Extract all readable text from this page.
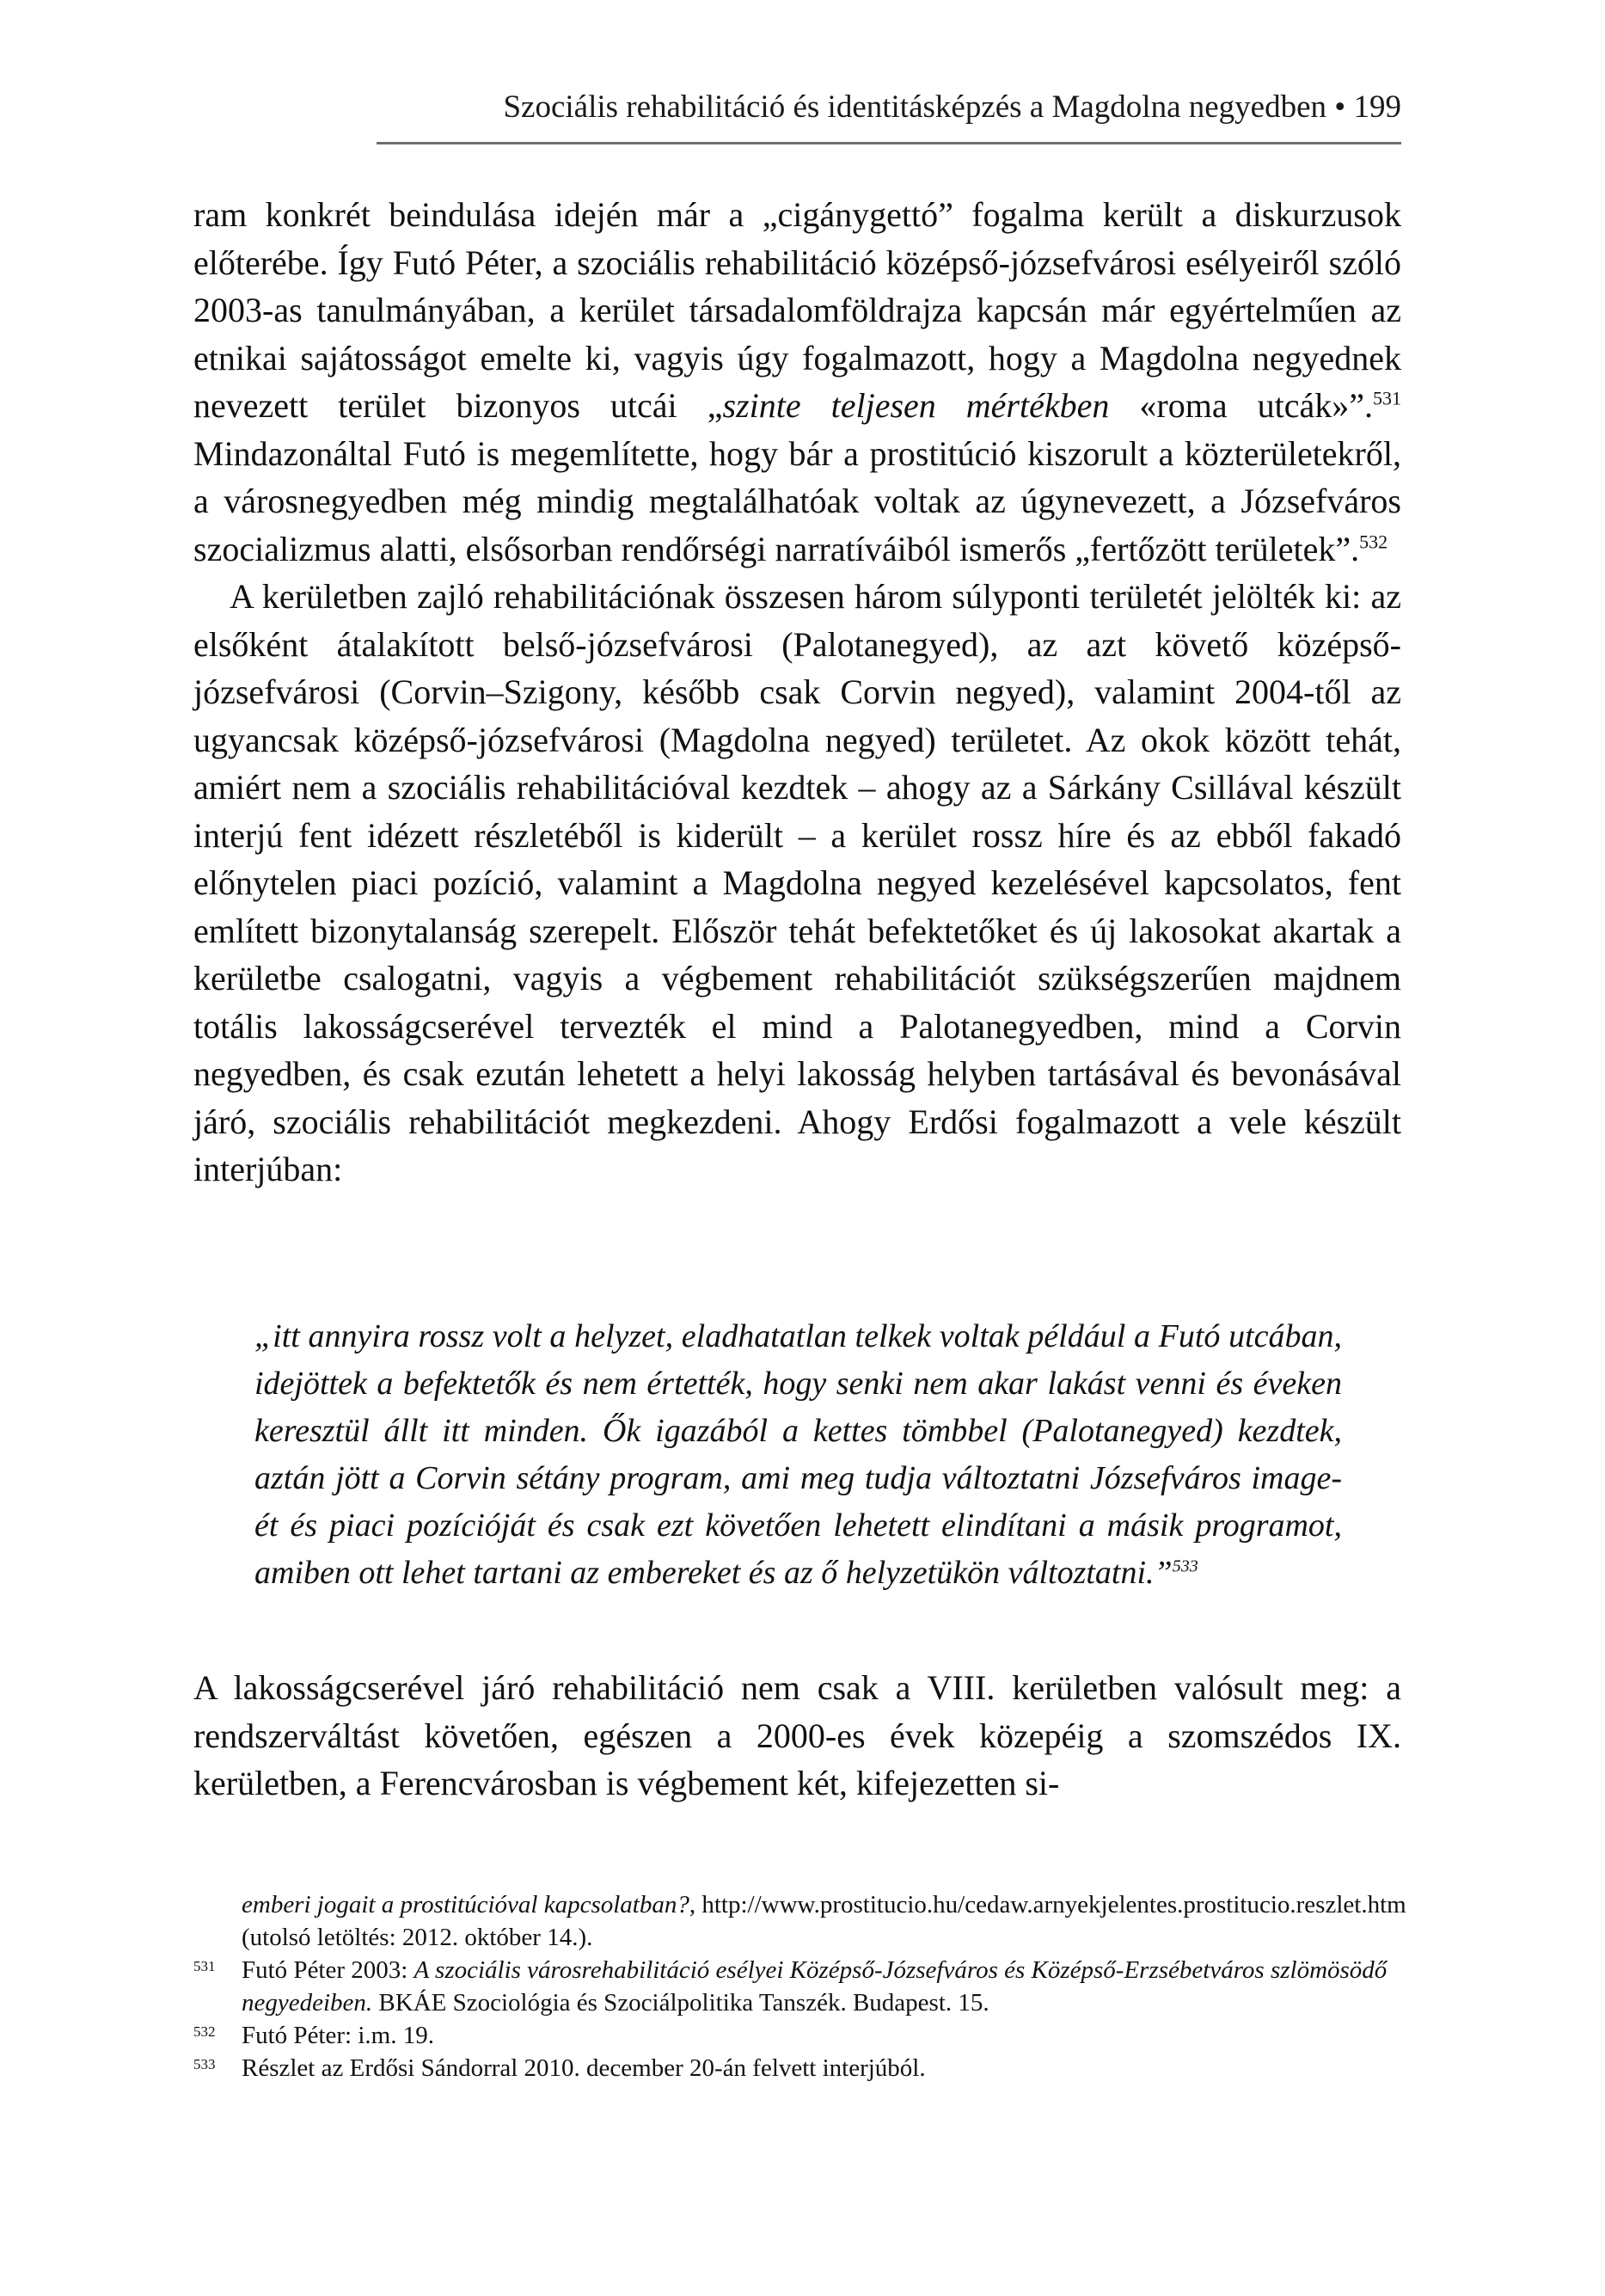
Szociális rehabilitáció és identitásképzés a Magdolna negyedben • 199

ram konkrét beindulása idején már a „cigánygettó” fogalma került a diskurzusok előterébe. Így Futó Péter, a szociális rehabilitáció középső-józsefvárosi esélyeiről szóló 2003-as tanulmányában, a kerület társadalomföldrajza kapcsán már egyértelműen az etnikai sajátosságot emelte ki, vagyis úgy fogalmazott, hogy a Magdolna negyednek nevezett terület bizonyos utcái „szinte teljesen mértékben «roma utcák»”.$^{531}$ Mindazonáltal Futó is megemlítette, hogy bár a prostitúció kiszorult a közterületekről, a városnegyedben még mindig megtalálhatóak voltak az úgynevezett, a Józsefváros szocializmus alatti, elsősorban rendőrségi narratíváiból ismerős „fertőzött területek”.$^{532}$

A kerületben zajló rehabilitációnak összesen három súlyponti területét jelölték ki: az elsőként átalakított belső-józsefvárosi (Palotanegyed), az azt követő középső-józsefvárosi (Corvin–Szigony, később csak Corvin negyed), valamint 2004-től az ugyancsak középső-józsefvárosi (Magdolna negyed) területet. Az okok között tehát, amiért nem a szociális rehabilitációval kezdtek – ahogy az a Sárkány Csillával készült interjú fent idézett részletéből is kiderült – a kerület rossz híre és az ebből fakadó előnytelen piaci pozíció, valamint a Magdolna negyed kezelésével kapcsolatos, fent említett bizonytalanság szerepelt. Először tehát befektetőket és új lakosokat akartak a kerületbe csalogatni, vagyis a végbement rehabilitációt szükségszerűen majdnem totális lakosságcserével tervezték el mind a Palotanegyedben, mind a Corvin negyedben, és csak ezután lehetett a helyi lakosság helyben tartásával és bevonásával járó, szociális rehabilitációt megkezdeni. Ahogy Erdősi fogalmazott a vele készült interjúban:

„itt annyira rossz volt a helyzet, eladhatatlan telkek voltak például a Futó utcában, idejöttek a befektetők és nem értették, hogy senki nem akar lakást venni és éveken keresztül állt itt minden. Ők igazából a kettes tömbbel (Palotanegyed) kezdtek, aztán jött a Corvin sétány program, ami meg tudja változtatni Józsefváros image-ét és piaci pozícióját és csak ezt követően lehetett elindítani a másik programot, amiben ott lehet tartani az embereket és az ő helyzetükön változtatni.”$^{533}$

A lakosságcserével járó rehabilitáció nem csak a VIII. kerületben valósult meg: a rendszerváltást követően, egészen a 2000-es évek közepéig a szomszédos IX. kerületben, a Ferencvárosban is végbement két, kifejezetten si-

emberi jogait a prostitúcióval kapcsolatban?, http://www.prostitucio.hu/cedaw.arnyekjelentes.prostitucio.reszlet.htm (utolsó letöltés: 2012. október 14.).

531 Futó Péter 2003: A szociális városrehabilitáció esélyei Középső-Józsefváros és Középső-Erzsébetváros szlömösödő negyedeiben. BKÁE Szociológia és Szociálpolitika Tanszék. Budapest. 15.

532 Futó Péter: i.m. 19.

533 Részlet az Erdősi Sándorral 2010. december 20-án felvett interjúból.
